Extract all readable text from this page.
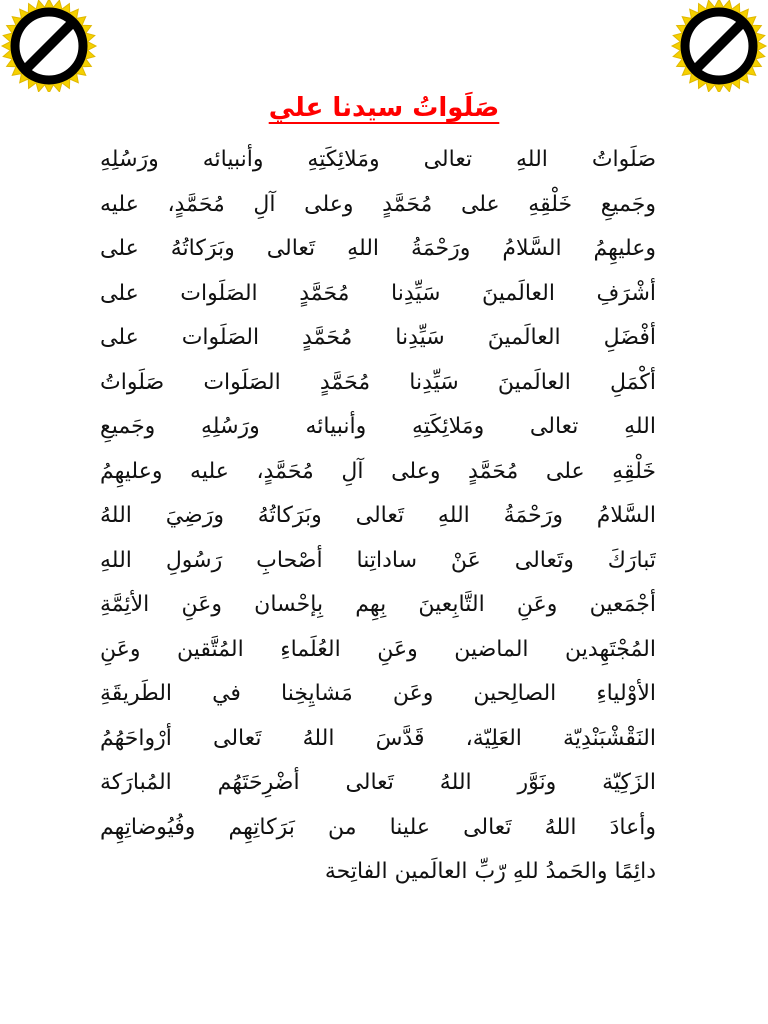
صَلَواتُ سيدنا علي
صَلَواتُ اللهِ تعالى ومَلائِكَتِهِ وأنبيائه ورَسُلِهِ
وجَميعِ خَلْقِهِ على مُحَمَّدٍ وعلى آلِ مُحَمَّدٍ، عليه
وعليهِمُ السَّلامُ ورَحْمَةُ اللهِ تَعالى وبَرَكاتُهُ على
أشْرَفِ العالَمينَ سَيِّدِنا مُحَمَّدٍ الصَلَوات على
أفْضَلِ العالَمينَ سَيِّدِنا مُحَمَّدٍ الصَلَوات على
أكْمَلِ العالَمينَ سَيِّدِنا مُحَمَّدٍ الصَلَوات صَلَواتُ
اللهِ تعالى ومَلائِكَتِهِ وأنبيائه ورَسُلِهِ وجَميعِ
خَلْقِهِ على مُحَمَّدٍ وعلى آلِ مُحَمَّدٍ، عليه وعليهِمُ
السَّلامُ ورَحْمَةُ اللهِ تَعالى وبَرَكاتُهُ ورَضِيَ اللهُ
تَبارَكَ وتَعالى عَنْ ساداتِنا أصْحابِ رَسُولِ اللهِ
أجْمَعين وعَنِ التَّابِعينَ بِهِم بِإحْسان وعَنِ الأئِمَّةِ
المُجْتَهِدين الماضين وعَنِ العُلَماءِ المُتَّقين وعَنِ
الأوْلياءِ الصالِحين وعَن مَشايِخِنا في الطَريقَةِ
النَقْشْبَنْدِيّة العَلِيّة، قَدَّسَ اللهُ تَعالى أرْواحَهُمُ
الزَكِيّة ونَوَّر اللهُ تَعالى أضْرِحَتَهُم المُبارَكة
وأعادَ اللهُ تَعالى علينا من بَرَكاتِهِم وفُيُوضاتِهِم
دائِمًا والحَمدُ للهِ رّبِّ العالَمين الفاتِحة
